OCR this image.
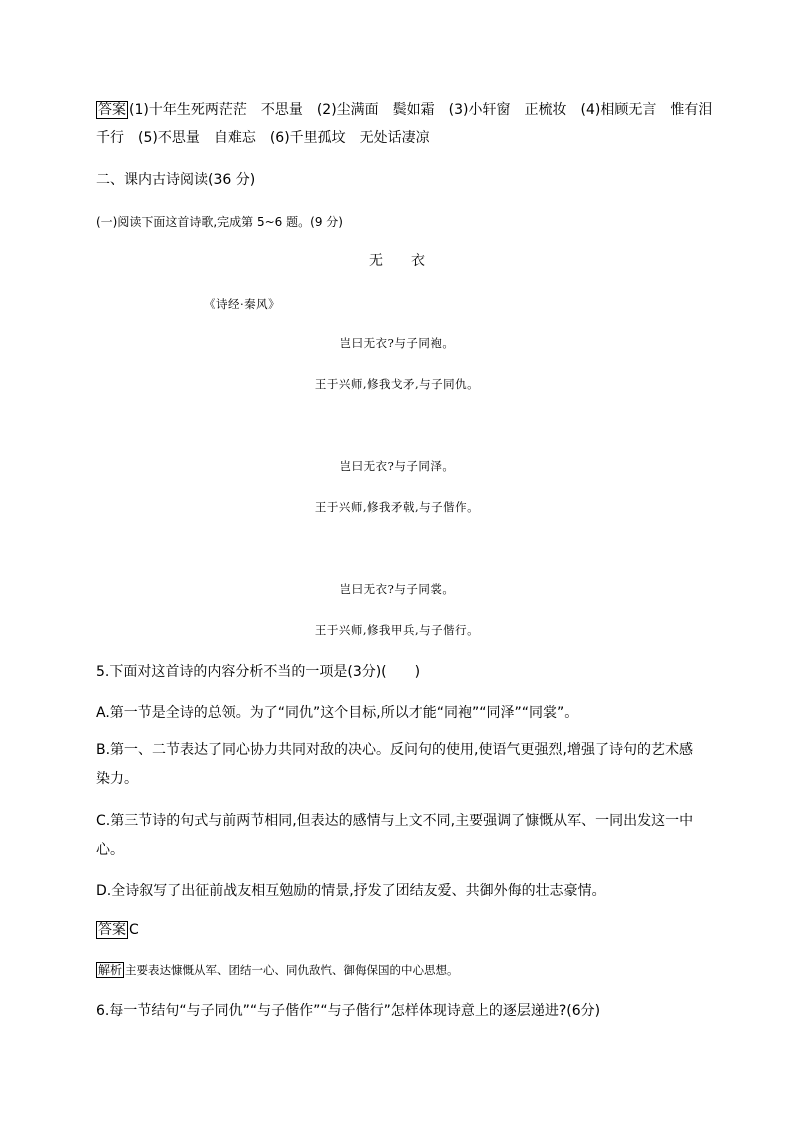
答案 (1)十年生死两茫茫　不思量　(2)尘满面　鬓如霜　(3)小轩窗　正梳妆　(4)相顾无言　惟有泪
千行　(5)不思量　自难忘　(6)千里孤坟　无处话凄凉
二、课内古诗阅读(36 分)
(一)阅读下面这首诗歌,完成第 5~6 题。(9 分)
无　　衣
《诗经·秦风》
岂曰无衣?与子同袍。
王于兴师,修我戈矛,与子同仇。
岂曰无衣?与子同泽。
王于兴师,修我矛戟,与子偕作。
岂曰无衣?与子同裳。
王于兴师,修我甲兵,与子偕行。
5.下面对这首诗的内容分析不当的一项是(3分)(　　)
A.第一节是全诗的总领。为了“同仇”这个目标,所以才能“同袍”“同泽”“同裳”。
B.第一、二节表达了同心协力共同对敌的决心。反问句的使用,使语气更强烈,增强了诗句的艺术感
染力。
C.第三节诗的句式与前两节相同,但表达的感情与上文不同,主要强调了慷慨从军、一同出发这一中
心。
D.全诗叙写了出征前战友相互勉励的情景,抒发了团结友爱、共御外侮的壮志豪情。
答案 C
解析 主要表达慷慨从军、团结一心、同仇敌忾、御侮保国的中心思想。
6.每一节结句“与子同仇”“与子偕作”“与子偕行”怎样体现诗意上的逐层递进?(6分)
